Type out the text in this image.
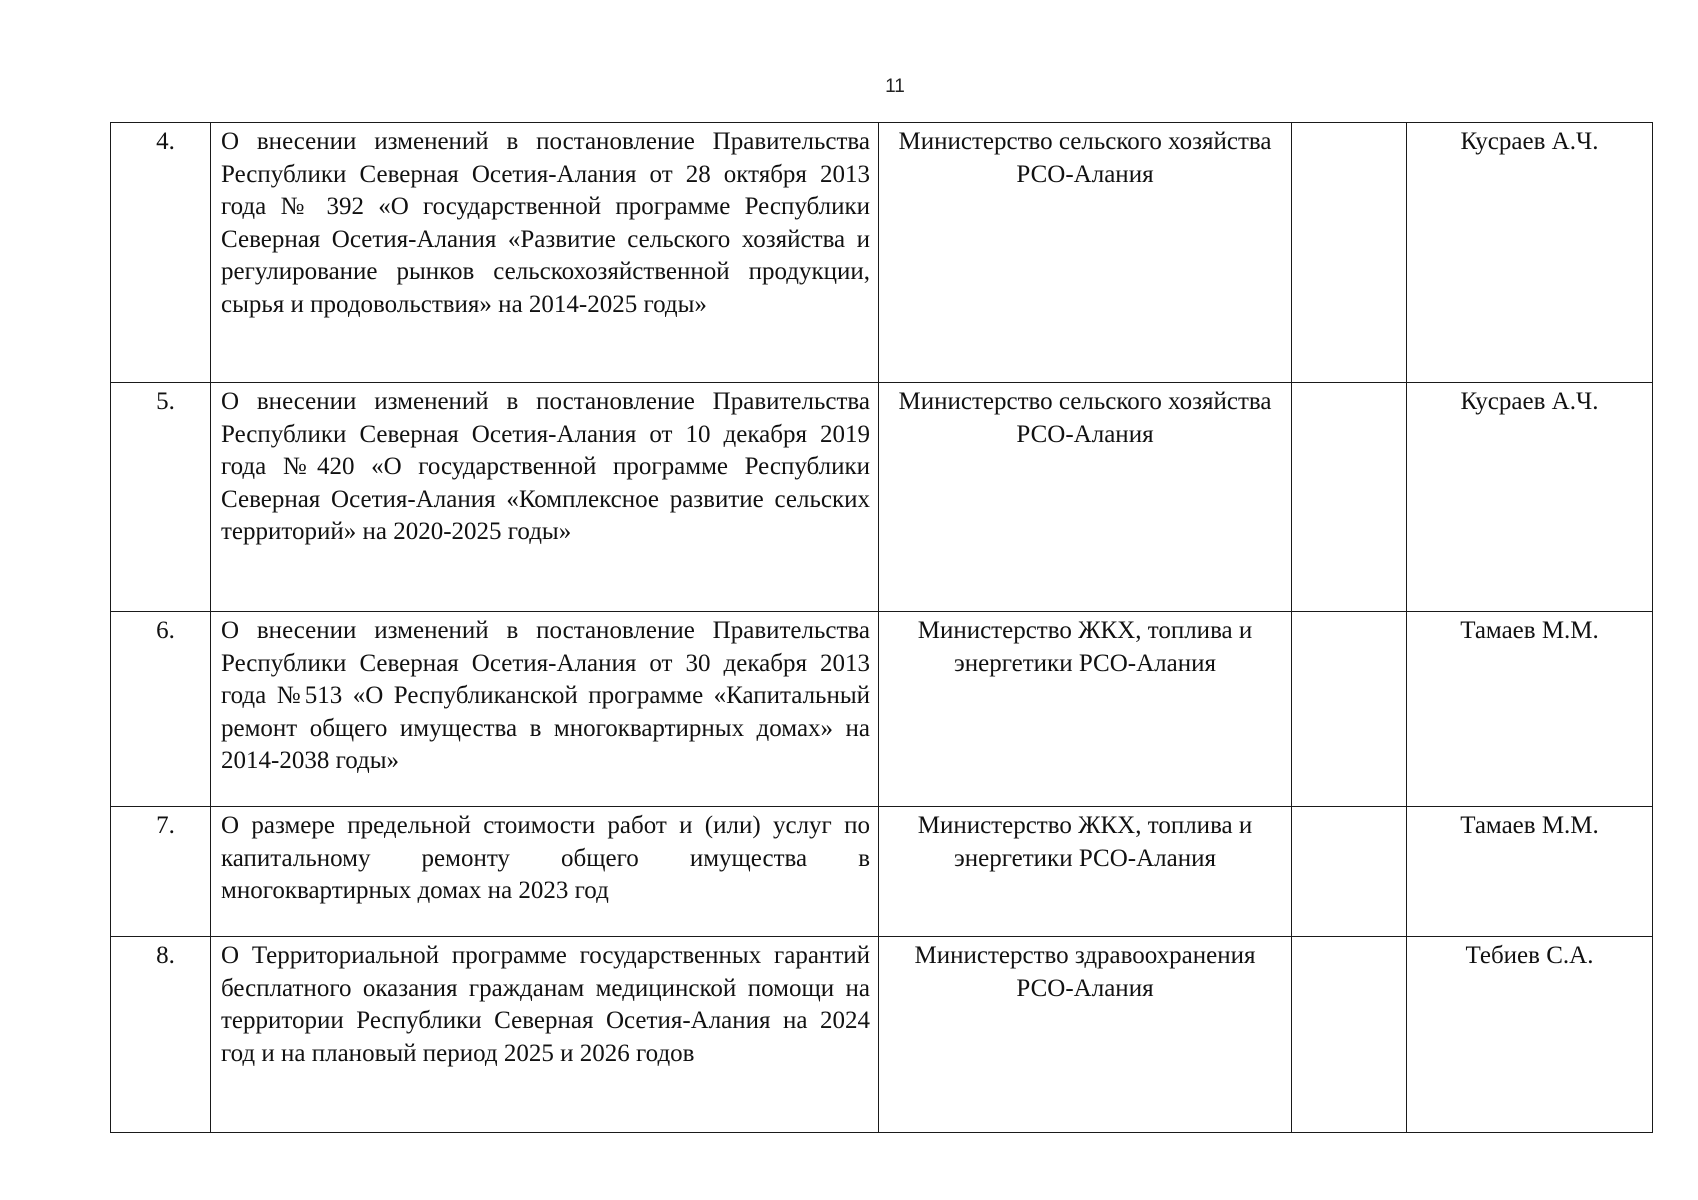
11
4.	О внесении изменений в постановление Правительства Республики Северная Осетия-Алания от 28 октября 2013 года № 392 «О государственной программе Республики Северная Осетия-Алания «Развитие сельского хозяйства и регулирование рынков сельскохозяйственной продукции, сырья и продовольствия» на 2014-2025 годы»	Министерство сельского хозяйства РСО-Алания		Кусраев А.Ч.
5.	О внесении изменений в постановление Правительства Республики Северная Осетия-Алания от 10 декабря 2019 года №420 «О государственной программе Республики Северная Осетия-Алания «Комплексное развитие сельских территорий» на 2020-2025 годы»	Министерство сельского хозяйства РСО-Алания		Кусраев А.Ч.
6.	О внесении изменений в постановление Правительства Республики Северная Осетия-Алания от 30 декабря 2013 года №513 «О Республиканской программе «Капитальный ремонт общего имущества в многоквартирных домах» на 2014-2038 годы»	Министерство ЖКХ, топлива и энергетики РСО-Алания		Тамаев М.М.
7.	О размере предельной стоимости работ и (или) услуг по капитальному ремонту общего имущества в многоквартирных домах на 2023 год	Министерство ЖКХ, топлива и энергетики РСО-Алания		Тамаев М.М.
8.	О Территориальной программе государственных гарантий бесплатного оказания гражданам медицинской помощи на территории Республики Северная Осетия-Алания на 2024 год и на плановый период 2025 и 2026 годов	Министерство здравоохранения РСО-Алания		Тебиев С.А.
